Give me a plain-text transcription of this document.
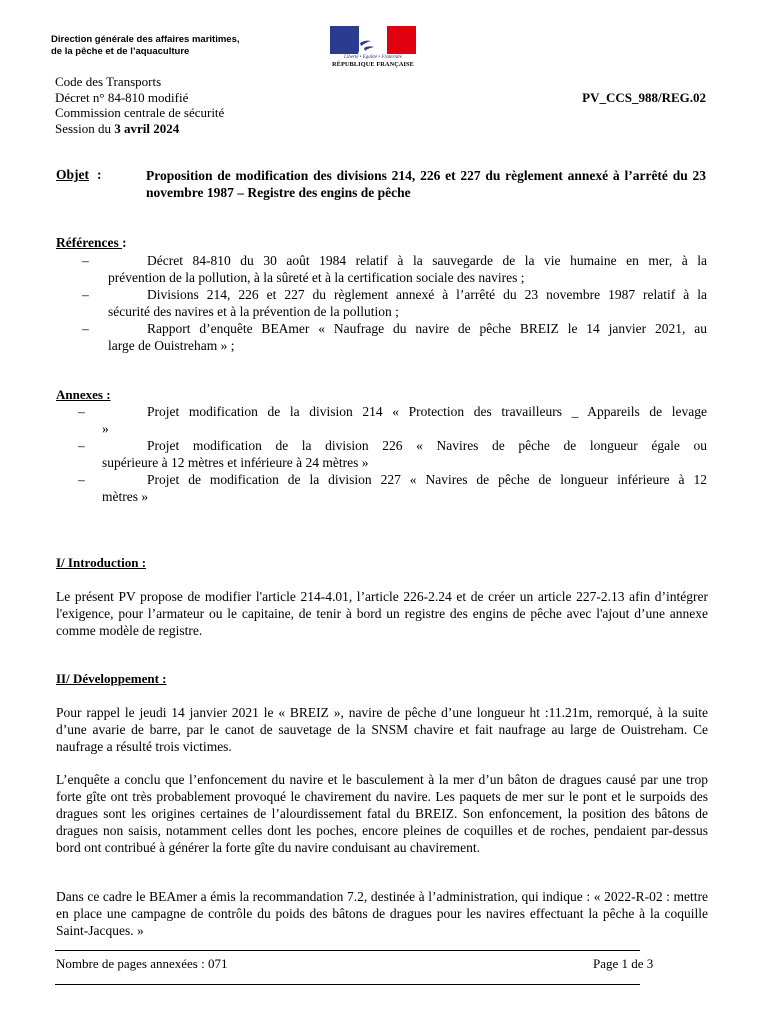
Direction générale des affaires maritimes,
de la pêche et de l’aquaculture
Liberté • Égalité • Fraternité
RÉPUBLIQUE FRANÇAISE
Code des Transports
Décret n° 84-810 modifié
Commission centrale de sécurité
Session du 3 avril 2024
PV_CCS_988/REG.02
Objet :	Proposition de modification des divisions 214, 226 et 227 du règlement annexé à l’arrêté du 23 novembre 1987 – Registre des engins de pêche
Références :
–	Décret 84-810 du 30 août 1984 relatif à la sauvegarde de la vie humaine en mer, à la
prévention de la pollution, à la sûreté et à la certification sociale des navires ;
–	Divisions 214, 226 et 227 du règlement annexé à l’arrêté du 23 novembre 1987 relatif à la
sécurité des navires et à la prévention de la pollution ;
–	Rapport d’enquête BEAmer « Naufrage du navire de pêche BREIZ le 14 janvier 2021, au
large de Ouistreham » ;
Annexes :
–	Projet modification de la division 214 « Protection des travailleurs _ Appareils de levage
»
–	Projet modification de la division 226 « Navires de pêche de longueur égale ou
supérieure à 12 mètres et inférieure à 24 mètres »
–	Projet de modification de la division 227 « Navires de pêche de longueur inférieure à 12
mètres »
I/ Introduction :
Le présent PV propose de modifier l'article 214-4.01, l’article 226-2.24 et de créer un article 227-2.13 afin d’intégrer l'exigence, pour l’armateur ou le capitaine, de tenir à bord un registre des engins de pêche avec l'ajout d’une annexe comme modèle de registre.
II/ Développement :
Pour rappel le jeudi 14 janvier 2021 le « BREIZ », navire de pêche d’une longueur ht :11.21m, remorqué, à la suite d’une avarie de barre, par le canot de sauvetage de la SNSM chavire et fait naufrage au large de Ouistreham. Ce naufrage a résulté trois victimes.
L’enquête a conclu que l’enfoncement du navire et le basculement à la mer d’un bâton de dragues causé par une trop forte gîte ont très probablement provoqué le chavirement du navire. Les paquets de mer sur le pont et le surpoids des dragues sont les origines certaines de l’alourdissement fatal du BREIZ. Son enfoncement, la position des bâtons de dragues non saisis, notamment celles dont les poches, encore pleines de coquilles et de roches, pendaient par-dessus bord ont contribué à générer la forte gîte du navire conduisant au chavirement.
Dans ce cadre le BEAmer a émis la recommandation 7.2, destinée à l’administration, qui indique : « 2022-R-02 : mettre en place une campagne de contrôle du poids des bâtons de dragues pour les navires effectuant la pêche à la coquille Saint-Jacques. »
Nombre de pages annexées : 071	Page 1 de 3
